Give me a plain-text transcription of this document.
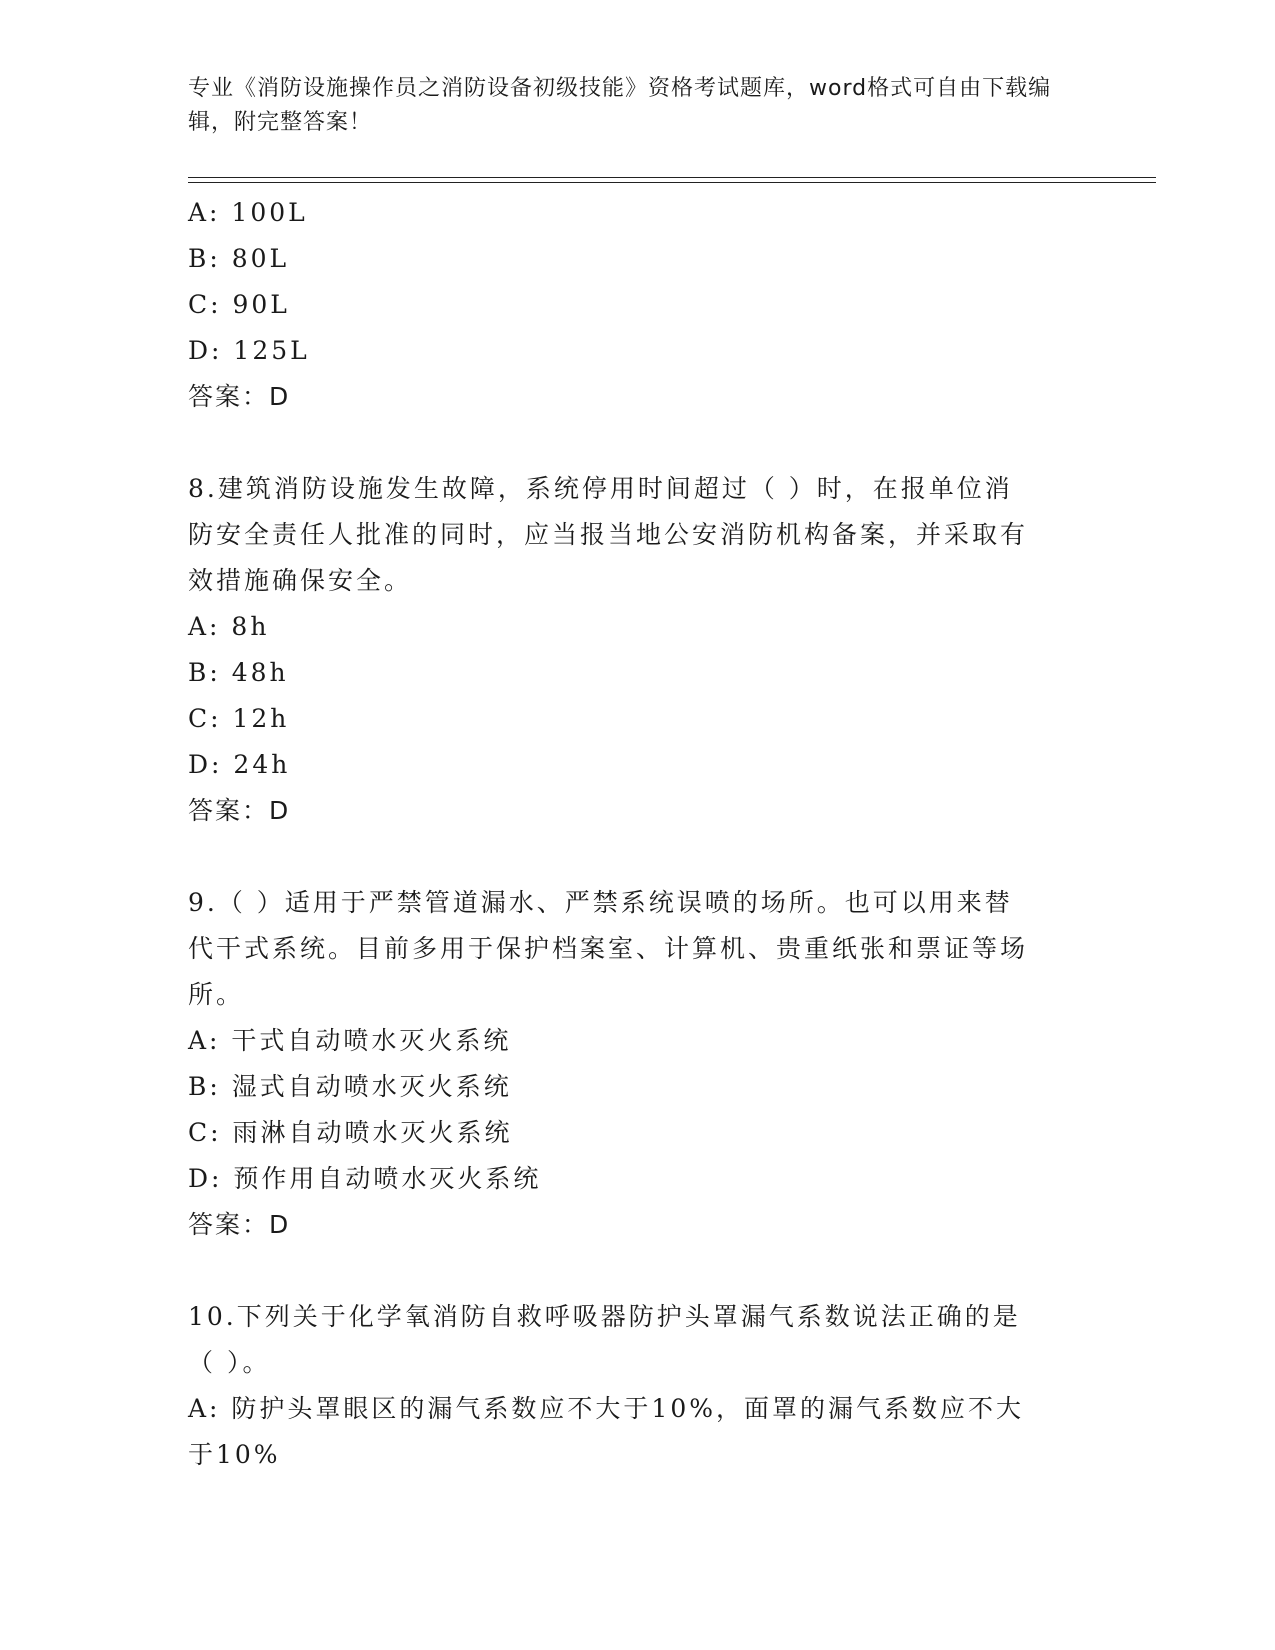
专业《消防设施操作员之消防设备初级技能》资格考试题库，word格式可自由下载编辑，附完整答案！
A: 100L
B: 80L
C: 90L
D: 125L
答案：D
8.建筑消防设施发生故障，系统停用时间超过（ ）时，在报单位消防安全责任人批准的同时，应当报当地公安消防机构备案，并采取有效措施确保安全。
A: 8h
B: 48h
C: 12h
D: 24h
答案：D
9.（ ）适用于严禁管道漏水、严禁系统误喷的场所。也可以用来替代干式系统。目前多用于保护档案室、计算机、贵重纸张和票证等场所。
A: 干式自动喷水灭火系统
B: 湿式自动喷水灭火系统
C: 雨淋自动喷水灭火系统
D: 预作用自动喷水灭火系统
答案：D
10.下列关于化学氧消防自救呼吸器防护头罩漏气系数说法正确的是（ ）。
A: 防护头罩眼区的漏气系数应不大于10%，面罩的漏气系数应不大于10%
